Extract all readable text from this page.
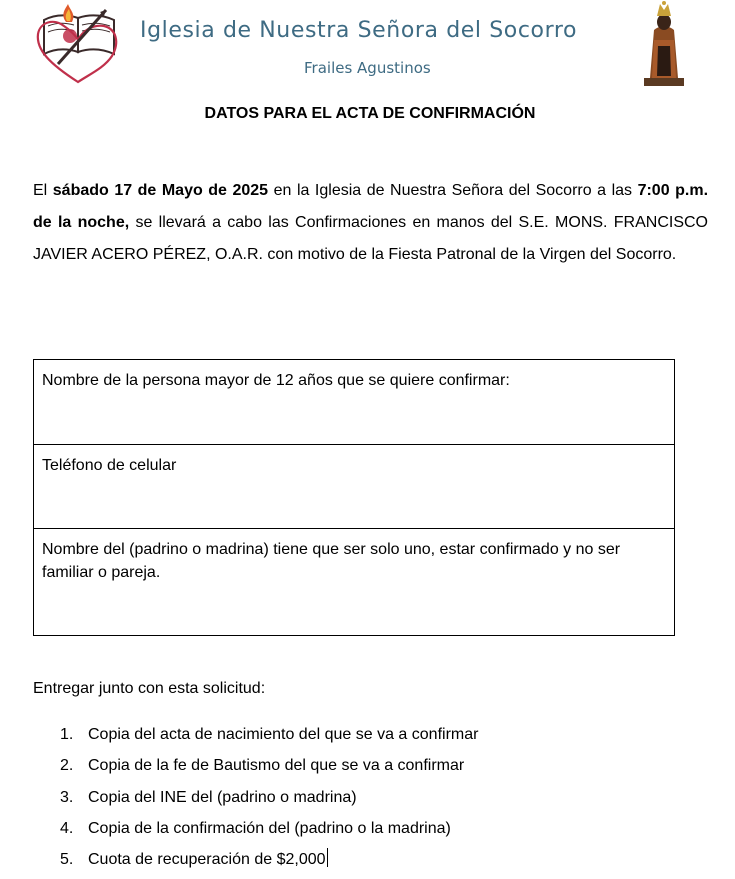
Iglesia de Nuestra Señora del Socorro
Frailes Agustinos
DATOS PARA EL ACTA DE CONFIRMACIÓN
El sábado 17 de Mayo de 2025 en la Iglesia de Nuestra Señora del Socorro a las 7:00 p.m. de la noche, se llevará a cabo las Confirmaciones en manos del S.E. MONS. FRANCISCO JAVIER ACERO PÉREZ, O.A.R. con motivo de la Fiesta Patronal de la Virgen del Socorro.
Nombre de la persona mayor de 12 años que se quiere confirmar:
Teléfono de celular
Nombre del (padrino o madrina) tiene que ser solo uno, estar confirmado y no ser familiar o pareja.
Entregar junto con esta solicitud:
1. Copia del acta de nacimiento del que se va a confirmar
2. Copia de la fe de Bautismo del que se va a confirmar
3. Copia del INE del (padrino o madrina)
4. Copia de la confirmación del (padrino o la madrina)
5. Cuota de recuperación de $2,000
